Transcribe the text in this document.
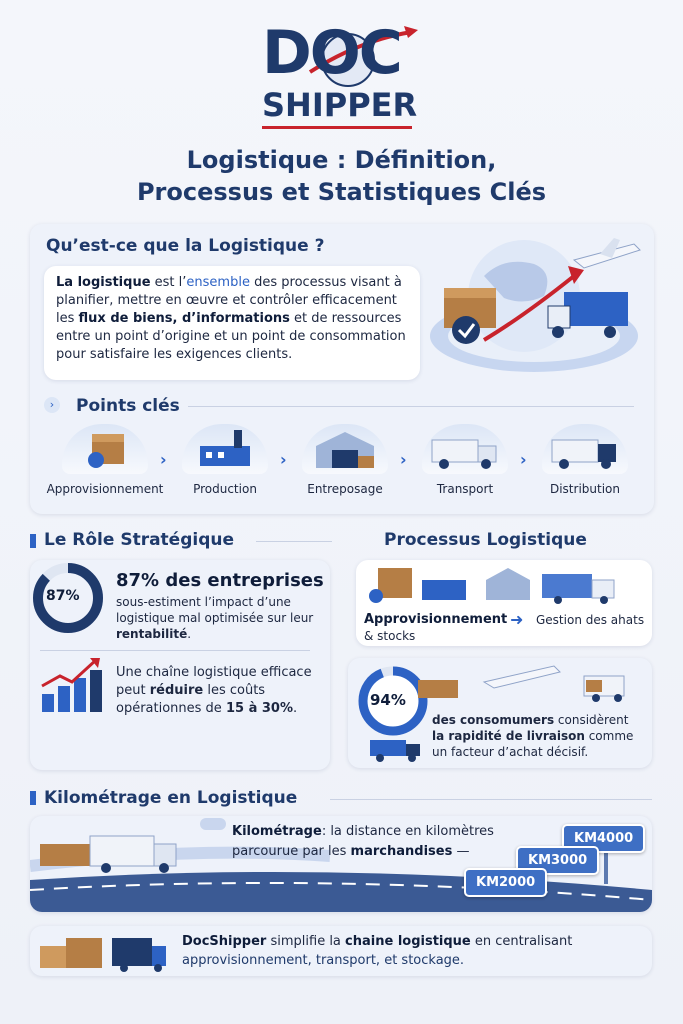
DOC
SHIPPER
Logistique : Définition,
Processus et Statistiques Clés
Qu’est-ce que la Logistique ?

La logistique est l’ensemble des processus visant à planifier, mettre en œuvre et contrôler efficacement les flux de biens, d’informations et de ressources entre un point d’origine et un point de consommation pour satisfaire les exigences clients.

›	Points clés
›	›	›	›
Approvisionnement	Production	Entreposage	Transport	Distribution
Le Rôle Stratégique
87%
87% des entreprises

sous-estiment l’impact d’une logistique mal optimisée sur leur rentabilité.

Une chaîne logistique efficace peut réduire les coûts opérationnes de 15 à 30%.

Processus Logistique
Approvisionnement ➜	Gestion des ahats & stocks
94%

des consomumers considèrent la rapidité de livraison comme un facteur d’achat décisif.

Kilométrage en Logistique

Kilométrage: la distance en kilomètres parcourue par les marchandises —

KM4000
KM3000
KM2000

DocShipper simplifie la chaine logistique en centralisant approvisionnement, transport, et stockage.
